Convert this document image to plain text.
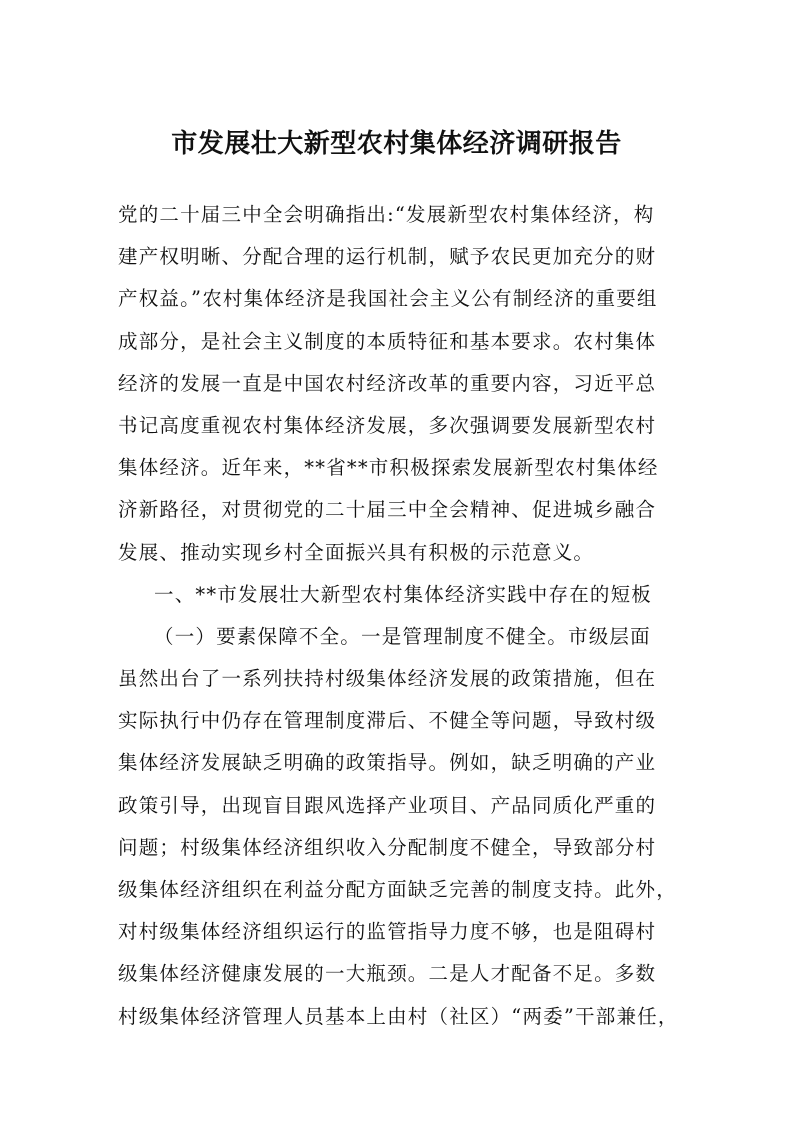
市发展壮大新型农村集体经济调研报告
党的二十届三中全会明确指出:“发展新型农村集体经济，构
建产权明晰、分配合理的运行机制，赋予农民更加充分的财
产权益。”农村集体经济是我国社会主义公有制经济的重要组
成部分，是社会主义制度的本质特征和基本要求。农村集体
经济的发展一直是中国农村经济改革的重要内容，习近平总
书记高度重视农村集体经济发展，多次强调要发展新型农村
集体经济。近年来，**省**市积极探索发展新型农村集体经
济新路径，对贯彻党的二十届三中全会精神、促进城乡融合
发展、推动实现乡村全面振兴具有积极的示范意义。
一、**市发展壮大新型农村集体经济实践中存在的短板
（一）要素保障不全。一是管理制度不健全。市级层面
虽然出台了一系列扶持村级集体经济发展的政策措施，但在
实际执行中仍存在管理制度滞后、不健全等问题，导致村级
集体经济发展缺乏明确的政策指导。例如，缺乏明确的产业
政策引导，出现盲目跟风选择产业项目、产品同质化严重的
问题；村级集体经济组织收入分配制度不健全，导致部分村
级集体经济组织在利益分配方面缺乏完善的制度支持。此外，
对村级集体经济组织运行的监管指导力度不够，也是阻碍村
级集体经济健康发展的一大瓶颈。二是人才配备不足。多数
村级集体经济管理人员基本上由村（社区）“两委”干部兼任，
